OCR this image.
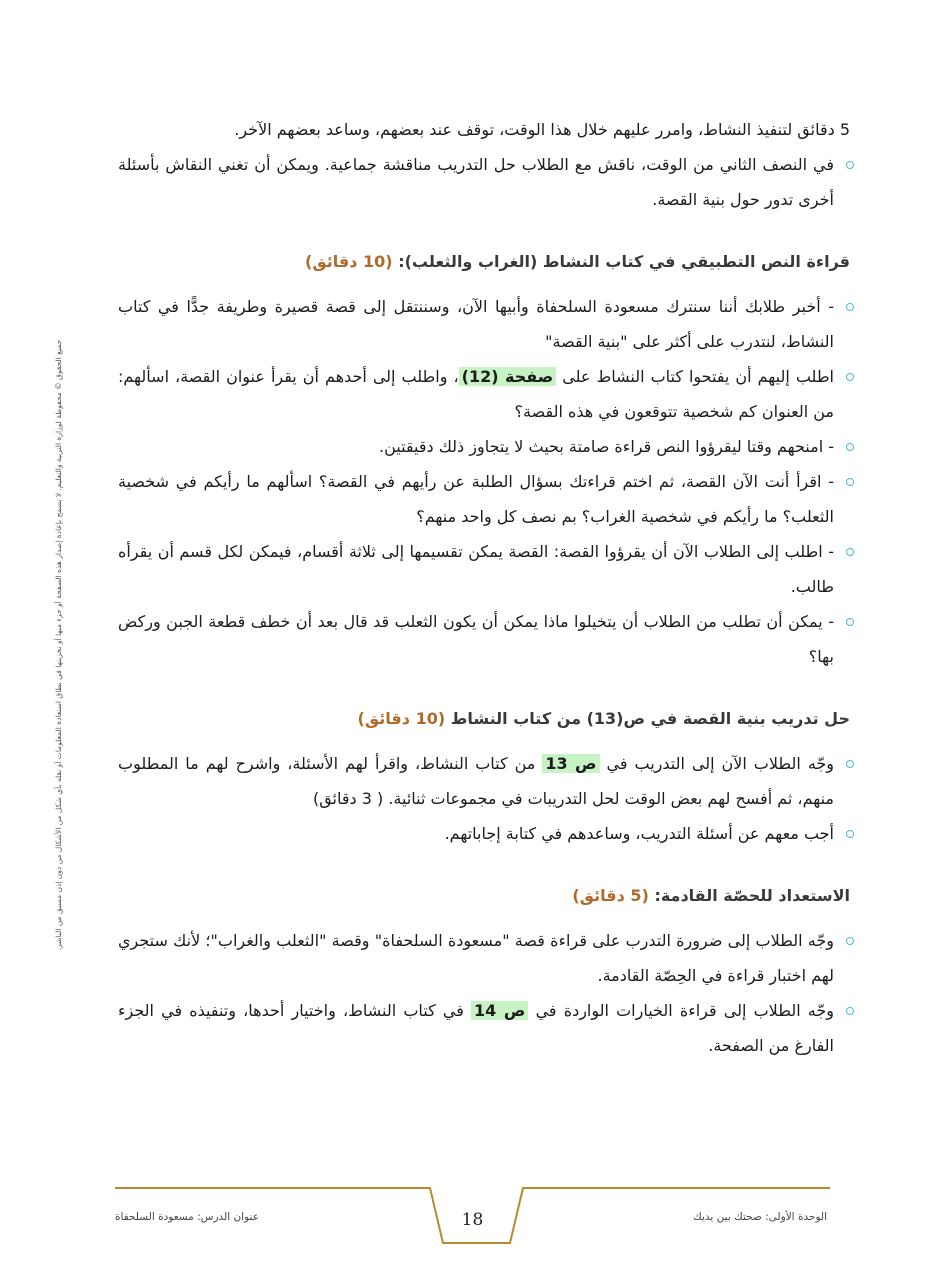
جميع الحقوق © محفوظة لوزارة التربية والتعليم. لا يسمح بإعادة إصدار هذه الصفحة أو جزء منها أو تخزينها في نطاق استعادة المعلومات أو نقله بأي شكل من الأشكال من دون إذن مسبق من الناشر.

5 دقائق لتنفيذ النشاط، وامرر عليهم خلال هذا الوقت، توقف عند بعضهم، وساعد بعضهم الآخر.

في النصف الثاني من الوقت، ناقش مع الطلاب حل التدريب مناقشة جماعية. ويمكن أن تغني النقاش بأسئلة أخرى تدور حول بنية القصة.

قراءة النص التطبيقي في كتاب النشاط (الغراب والثعلب): (10 دقائق)

- أخبر طلابك أننا سنترك مسعودة السلحفاة وأبيها الآن، وسننتقل إلى قصة قصيرة وطريفة جدًّا في كتاب النشاط، لنتدرب على أكثر على "بنية القصة"

اطلب إليهم أن يفتحوا كتاب النشاط على صفحة (12)، واطلب إلى أحدهم أن يقرأ عنوان القصة، اسألهم: من العنوان كم شخصية تتوقعون في هذه القصة؟

- امنحهم وقتا ليقرؤوا النص قراءة صامتة بحيث لا يتجاوز ذلك دقيقتين.

- اقرأ أنت الآن القصة، ثم اختم قراءتك بسؤال الطلبة عن رأيهم في القصة؟ اسألهم ما رأيكم في شخصية الثعلب؟ ما رأيكم في شخصية الغراب؟ بم نصف كل واحد منهم؟

- اطلب إلى الطلاب الآن أن يقرؤوا القصة: القصة يمكن تقسيمها إلى ثلاثة أقسام، فيمكن لكل قسم أن يقرأه طالب.

- يمكن أن تطلب من الطلاب أن يتخيلوا ماذا يمكن أن يكون الثعلب قد قال بعد أن خطف قطعة الجبن وركض بها؟

حل تدريب بنية القصة في ص(13) من كتاب النشاط (10 دقائق)

وجّه الطلاب الآن إلى التدريب في ص 13 من كتاب النشاط، واقرأ لهم الأسئلة، واشرح لهم ما المطلوب منهم، ثم أفسح لهم بعض الوقت لحل التدريبات في مجموعات ثنائية. ( 3 دقائق)

أجب معهم عن أسئلة التدريب، وساعدهم في كتابة إجاباتهم.

الاستعداد للحصّة القادمة: (5 دقائق)

وجّه الطلاب إلى ضرورة التدرب على قراءة قصة "مسعودة السلحفاة" وقصة "الثعلب والغراب"؛ لأنك ستجري لهم اختبار قراءة في الحِصّة القادمة.

وجّه الطلاب إلى قراءة الخيارات الواردة في ص 14 في كتاب النشاط، واختيار أحدها، وتنفيذه في الجزء الفارغ من الصفحة.

الوحدة الأولى: صحتك بين يديك
18
عنوان الدرس: مسعودة السلحفاة
